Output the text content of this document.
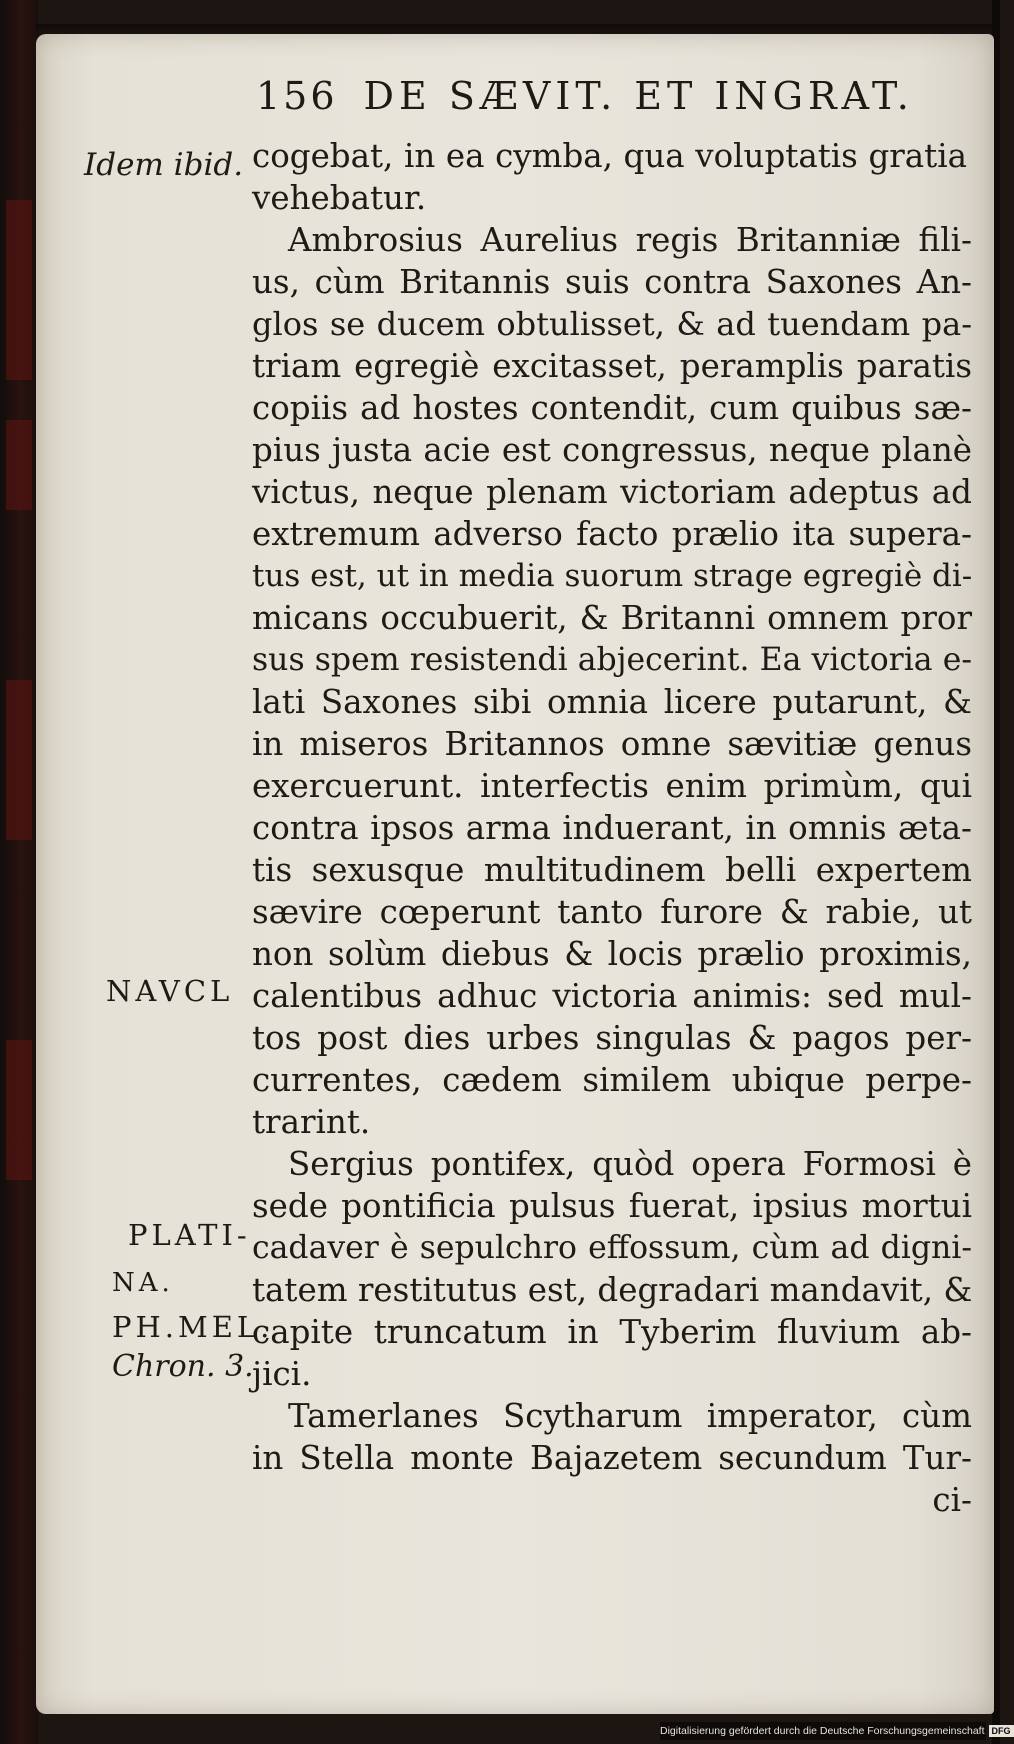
156 DE SÆVIT. ET INGRAT.
Idem ibid.
NAVCL
PLATI-
NA.
PH.MEL.
Chron. 3.
cogebat, in ea cymba, qua voluptatis gratia
vehebatur.
Ambrosius Aurelius regis Britanniæ fili-
us, cùm Britannis suis contra Saxones An-
glos se ducem obtulisset, & ad tuendam pa-
triam egregiè excitasset, peramplis paratis
copiis ad hostes contendit, cum quibus sæ-
pius justa acie est congressus, neque planè
victus, neque plenam victoriam adeptus ad
extremum adverso facto prælio ita supera-
tus est, ut in media suorum strage egregiè di-
micans occubuerit, & Britanni omnem pror
sus spem resistendi abjecerint. Ea victoria e-
lati Saxones sibi omnia licere putarunt, &
in miseros Britannos omne sævitiæ genus
exercuerunt. interfectis enim primùm, qui
contra ipsos arma induerant, in omnis æta-
tis sexusque multitudinem belli expertem
sævire cœperunt tanto furore & rabie, ut
non solùm diebus & locis prælio proximis,
calentibus adhuc victoria animis: sed mul-
tos post dies urbes singulas & pagos per-
currentes, cædem similem ubique perpe-
trarint.
Sergius pontifex, quòd opera Formosi è
sede pontificia pulsus fuerat, ipsius mortui
cadaver è sepulchro effossum, cùm ad digni-
tatem restitutus est, degradari mandavit, &
capite truncatum in Tyberim fluvium ab-
jici.
Tamerlanes Scytharum imperator, cùm
in Stella monte Bajazetem secundum Tur-
ci-
Digitalisierung gefördert durch die Deutsche Forschungsgemeinschaft DFG
